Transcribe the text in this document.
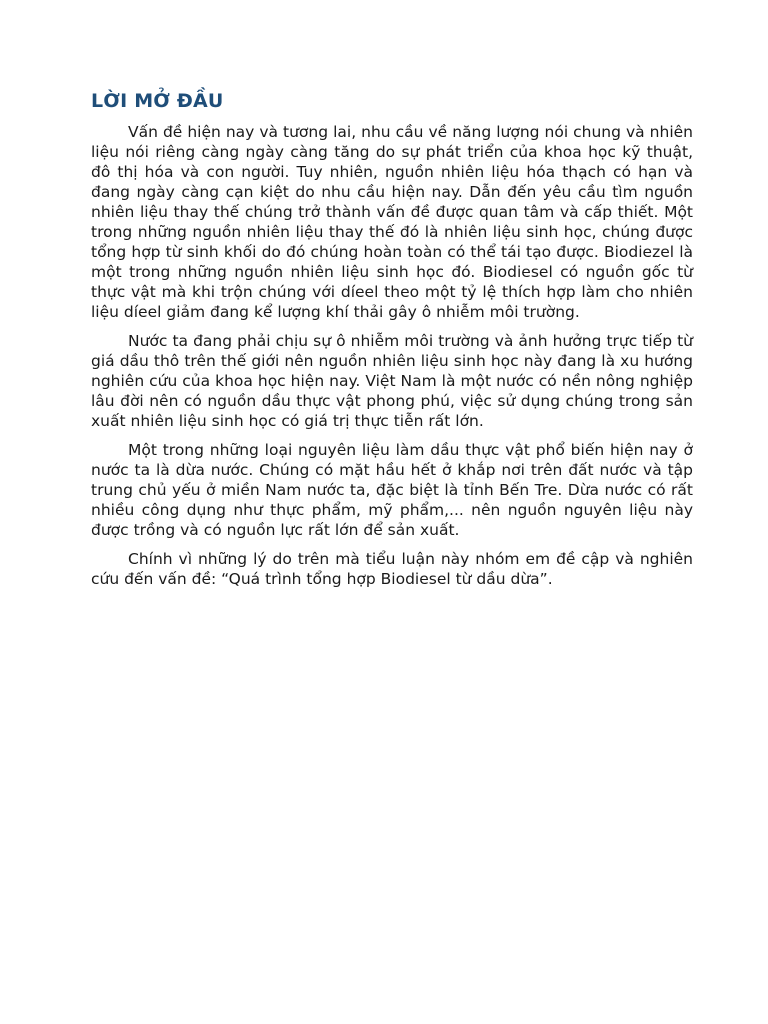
LỜI MỞ ĐẦU

Vấn đề hiện nay và tương lai, nhu cầu về năng lượng nói chung và nhiên liệu nói riêng càng ngày càng tăng do sự phát triển của khoa học kỹ thuật, đô thị hóa và con người. Tuy nhiên, nguồn nhiên liệu hóa thạch có hạn và đang ngày càng cạn kiệt do nhu cầu hiện nay. Dẫn đến yêu cầu tìm nguồn nhiên liệu thay thế chúng trở thành vấn đề được quan tâm và cấp thiết. Một trong những nguồn nhiên liệu thay thế đó là nhiên liệu sinh học, chúng được tổng hợp từ sinh khối do đó chúng hoàn toàn có thể tái tạo được. Biodiezel là một trong những nguồn nhiên liệu sinh học đó. Biodiesel có nguồn gốc từ thực vật mà khi trộn chúng với díeel theo một tỷ lệ thích hợp làm cho nhiên liệu díeel giảm đang kể lượng khí thải gây ô nhiễm môi trường.

Nước ta đang phải chịu sự ô nhiễm môi trường và ảnh hưởng trực tiếp từ giá dầu thô trên thế giới nên nguồn nhiên liệu sinh học này đang là xu hướng nghiên cứu của khoa học hiện nay. Việt Nam là một nước có nền nông nghiệp lâu đời nên có nguồn dầu thực vật phong phú, việc sử dụng chúng trong sản xuất nhiên liệu sinh học có giá trị thực tiễn rất lớn.

Một trong những loại nguyên liệu làm dầu thực vật phổ biến hiện nay ở nước ta là dừa nước. Chúng có mặt hầu hết ở khắp nơi trên đất nước và tập trung chủ yếu ở miền Nam nước ta, đặc biệt là tỉnh Bến Tre. Dừa nước có rất nhiều công dụng như thực phẩm, mỹ phẩm,... nên nguồn nguyên liệu này được trồng và có nguồn lực rất lớn để sản xuất.

Chính vì những lý do trên mà tiểu luận này nhóm em đề cập và nghiên cứu đến vấn đề: “Quá trình tổng hợp Biodiesel từ dầu dừa”.
